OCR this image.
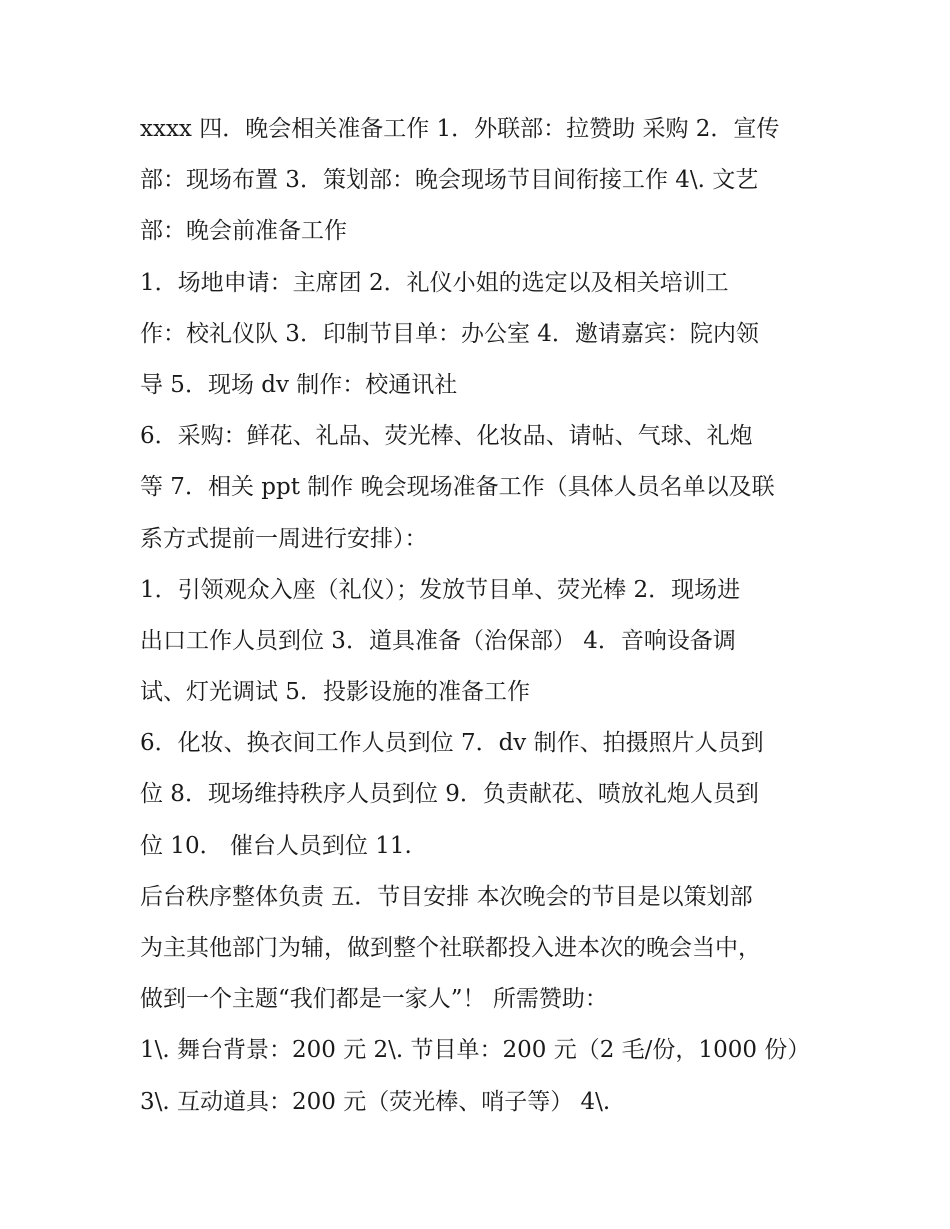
xxxx 四．晚会相关准备工作 1．外联部：拉赞助 采购 2．宣传
部：现场布置 3．策划部：晚会现场节目间衔接工作 4\. 文艺
部：晚会前准备工作
1．场地申请：主席团 2．礼仪小姐的选定以及相关培训工
作：校礼仪队 3．印制节目单：办公室 4．邀请嘉宾：院内领
导 5．现场 dv 制作：校通讯社
6．采购：鲜花、礼品、荧光棒、化妆品、请帖、气球、礼炮
等 7．相关 ppt 制作 晚会现场准备工作（具体人员名单以及联
系方式提前一周进行安排）：
1．引领观众入座（礼仪）；发放节目单、荧光棒 2．现场进
出口工作人员到位 3．道具准备（治保部） 4．音响设备调
试、灯光调试 5．投影设施的准备工作
6．化妆、换衣间工作人员到位 7．dv 制作、拍摄照片人员到
位 8．现场维持秩序人员到位 9．负责献花、喷放礼炮人员到
位 10． 催台人员到位 11.
后台秩序整体负责 五．节目安排 本次晚会的节目是以策划部
为主其他部门为辅，做到整个社联都投入进本次的晚会当中，
做到一个主题“我们都是一家人”！ 所需赞助：
1\. 舞台背景：200 元 2\. 节目单：200 元（2 毛/份，1000 份）
3\. 互动道具：200 元（荧光棒、哨子等） 4\.
